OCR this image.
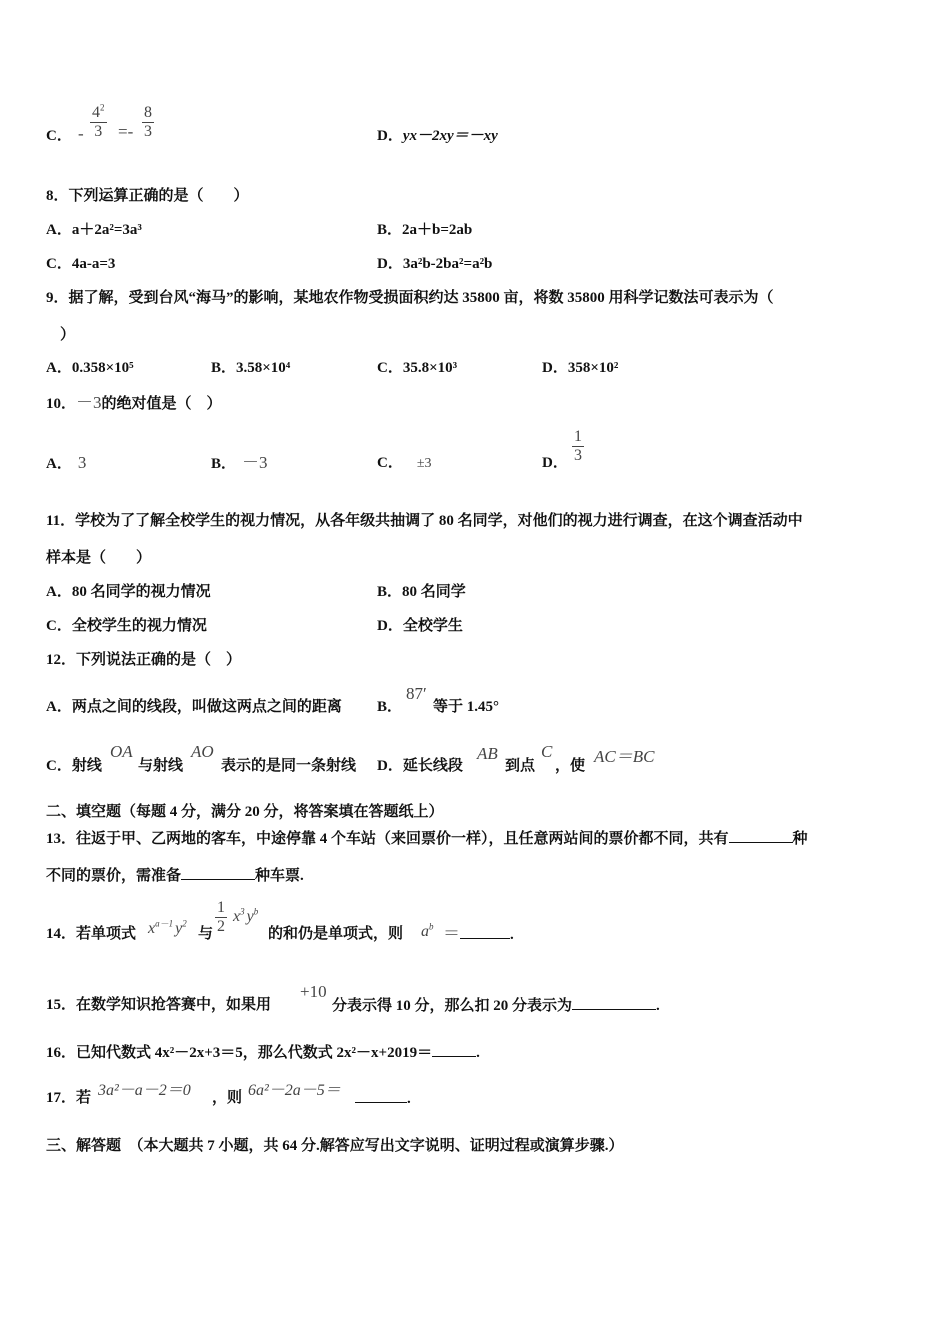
C． - $\frac{4^2}{3} =- \frac{8}{3}$	D．yx－2xy＝－xy
8．下列运算正确的是（　　）
A．a＋2a²=3a³	B．2a＋b=2ab
C．4a-a=3	D．3a²b-2ba²=a²b
9．据了解，受到台风“海马”的影响，某地农作物受损面积约达 35800 亩，将数 35800 用科学记数法可表示为（
）
A．0.358×10⁵	B．3.58×10⁴	C．35.8×10³	D．358×10²
10．－3的绝对值是（　）
A． 3	B． －3	C． ±3	D． $\frac{1}{3}$
11．学校为了了解全校学生的视力情况，从各年级共抽调了 80 名同学，对他们的视力进行调查，在这个调查活动中
样本是（　　）
A．80 名同学的视力情况	B．80 名同学
C．全校学生的视力情况	D．全校学生
12．下列说法正确的是（　）
A．两点之间的线段，叫做这两点之间的距离 B．
87′
等于 1.45°
C．射线
OA
与射线
AO
表示的是同一条射线 D．延长线段
AB
到点
C
，使 AC＝BC
二、填空题（每题 4 分，满分 20 分，将答案填在答题纸上）
13．往返于甲、乙两地的客车，中途停靠 4 个车站（来回票价一样），且任意两站间的票价都不同，共有	种
不同的票价，需准备	种车票.
14．若单项式 $x^{a-1}$ $y^2$
与 $\frac{1}{2} x^3$ $y^b$
的和仍是单项式，则 $a^b$ ＝	.
15．在数学知识抢答赛中，如果用
+10
分表示得 10 分，那么扣 20 分表示为	.
16．已知代数式 4x²－2x+3＝5，那么代数式 2x²－x+2019＝	.
17．若 3a²－a－2＝0 ，则 6a²－2a－5＝	.
三、解答题　（本大题共 7 小题，共 64 分.解答应写出文字说明、证明过程或演算步骤.）
